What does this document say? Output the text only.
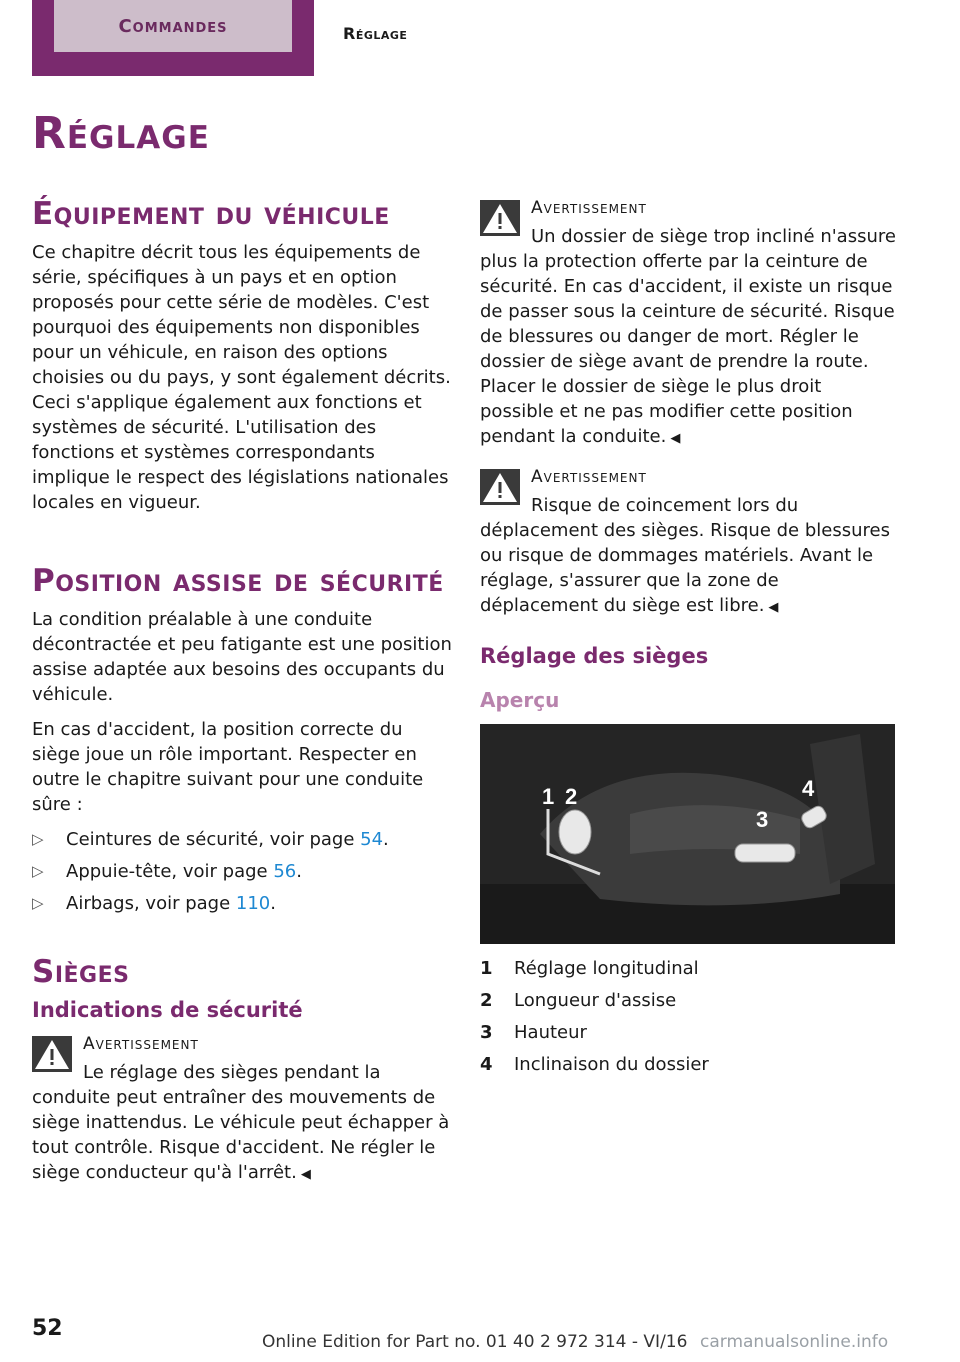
Commandes	Réglage
Réglage
Équipement du véhicule

Ce chapitre décrit tous les équipements de série, spécifiques à un pays et en option proposés pour cette série de modèles. C'est pourquoi des équipements non disponibles pour un véhicule, en raison des options choisies ou du pays, y sont également décrits. Ceci s'applique également aux fonctions et systèmes de sécurité. L'utilisation des fonctions et systèmes correspondants implique le respect des législations nationales locales en vigueur.

Position assise de sécurité

La condition préalable à une conduite décontractée et peu fatigante est une position assise adaptée aux besoins des occupants du véhicule.

En cas d'accident, la position correcte du siège joue un rôle important. Respecter en outre le chapitre suivant pour une conduite sûre :

▷ Ceintures de sécurité, voir page 54.
▷ Appuie-tête, voir page 56.
▷ Airbags, voir page 110.
Sièges
Indications de sécurité
Avertissement

Le réglage des sièges pendant la conduite peut entraîner des mouvements de siège inattendus. Le véhicule peut échapper à tout contrôle. Risque d'accident. Ne régler le siège conducteur qu'à l'arrêt. ◀

Avertissement

Un dossier de siège trop incliné n'assure plus la protection offerte par la ceinture de sécurité. En cas d'accident, il existe un risque de passer sous la ceinture de sécurité. Risque de blessures ou danger de mort. Régler le dossier de siège avant de prendre la route. Placer le dossier de siège le plus droit possible et ne pas modifier cette position pendant la conduite. ◀

Avertissement

Risque de coincement lors du déplacement des sièges. Risque de blessures ou risque de dommages matériels. Avant le réglage, s'assurer que la zone de déplacement du siège est libre. ◀

Réglage des sièges
Aperçu
1 2
3
4
1	Réglage longitudinal
2	Longueur d'assise
3	Hauteur
4	Inclinaison du dossier
52
Online Edition for Part no. 01 40 2 972 314 - VI/16 carmanualsonline.info
